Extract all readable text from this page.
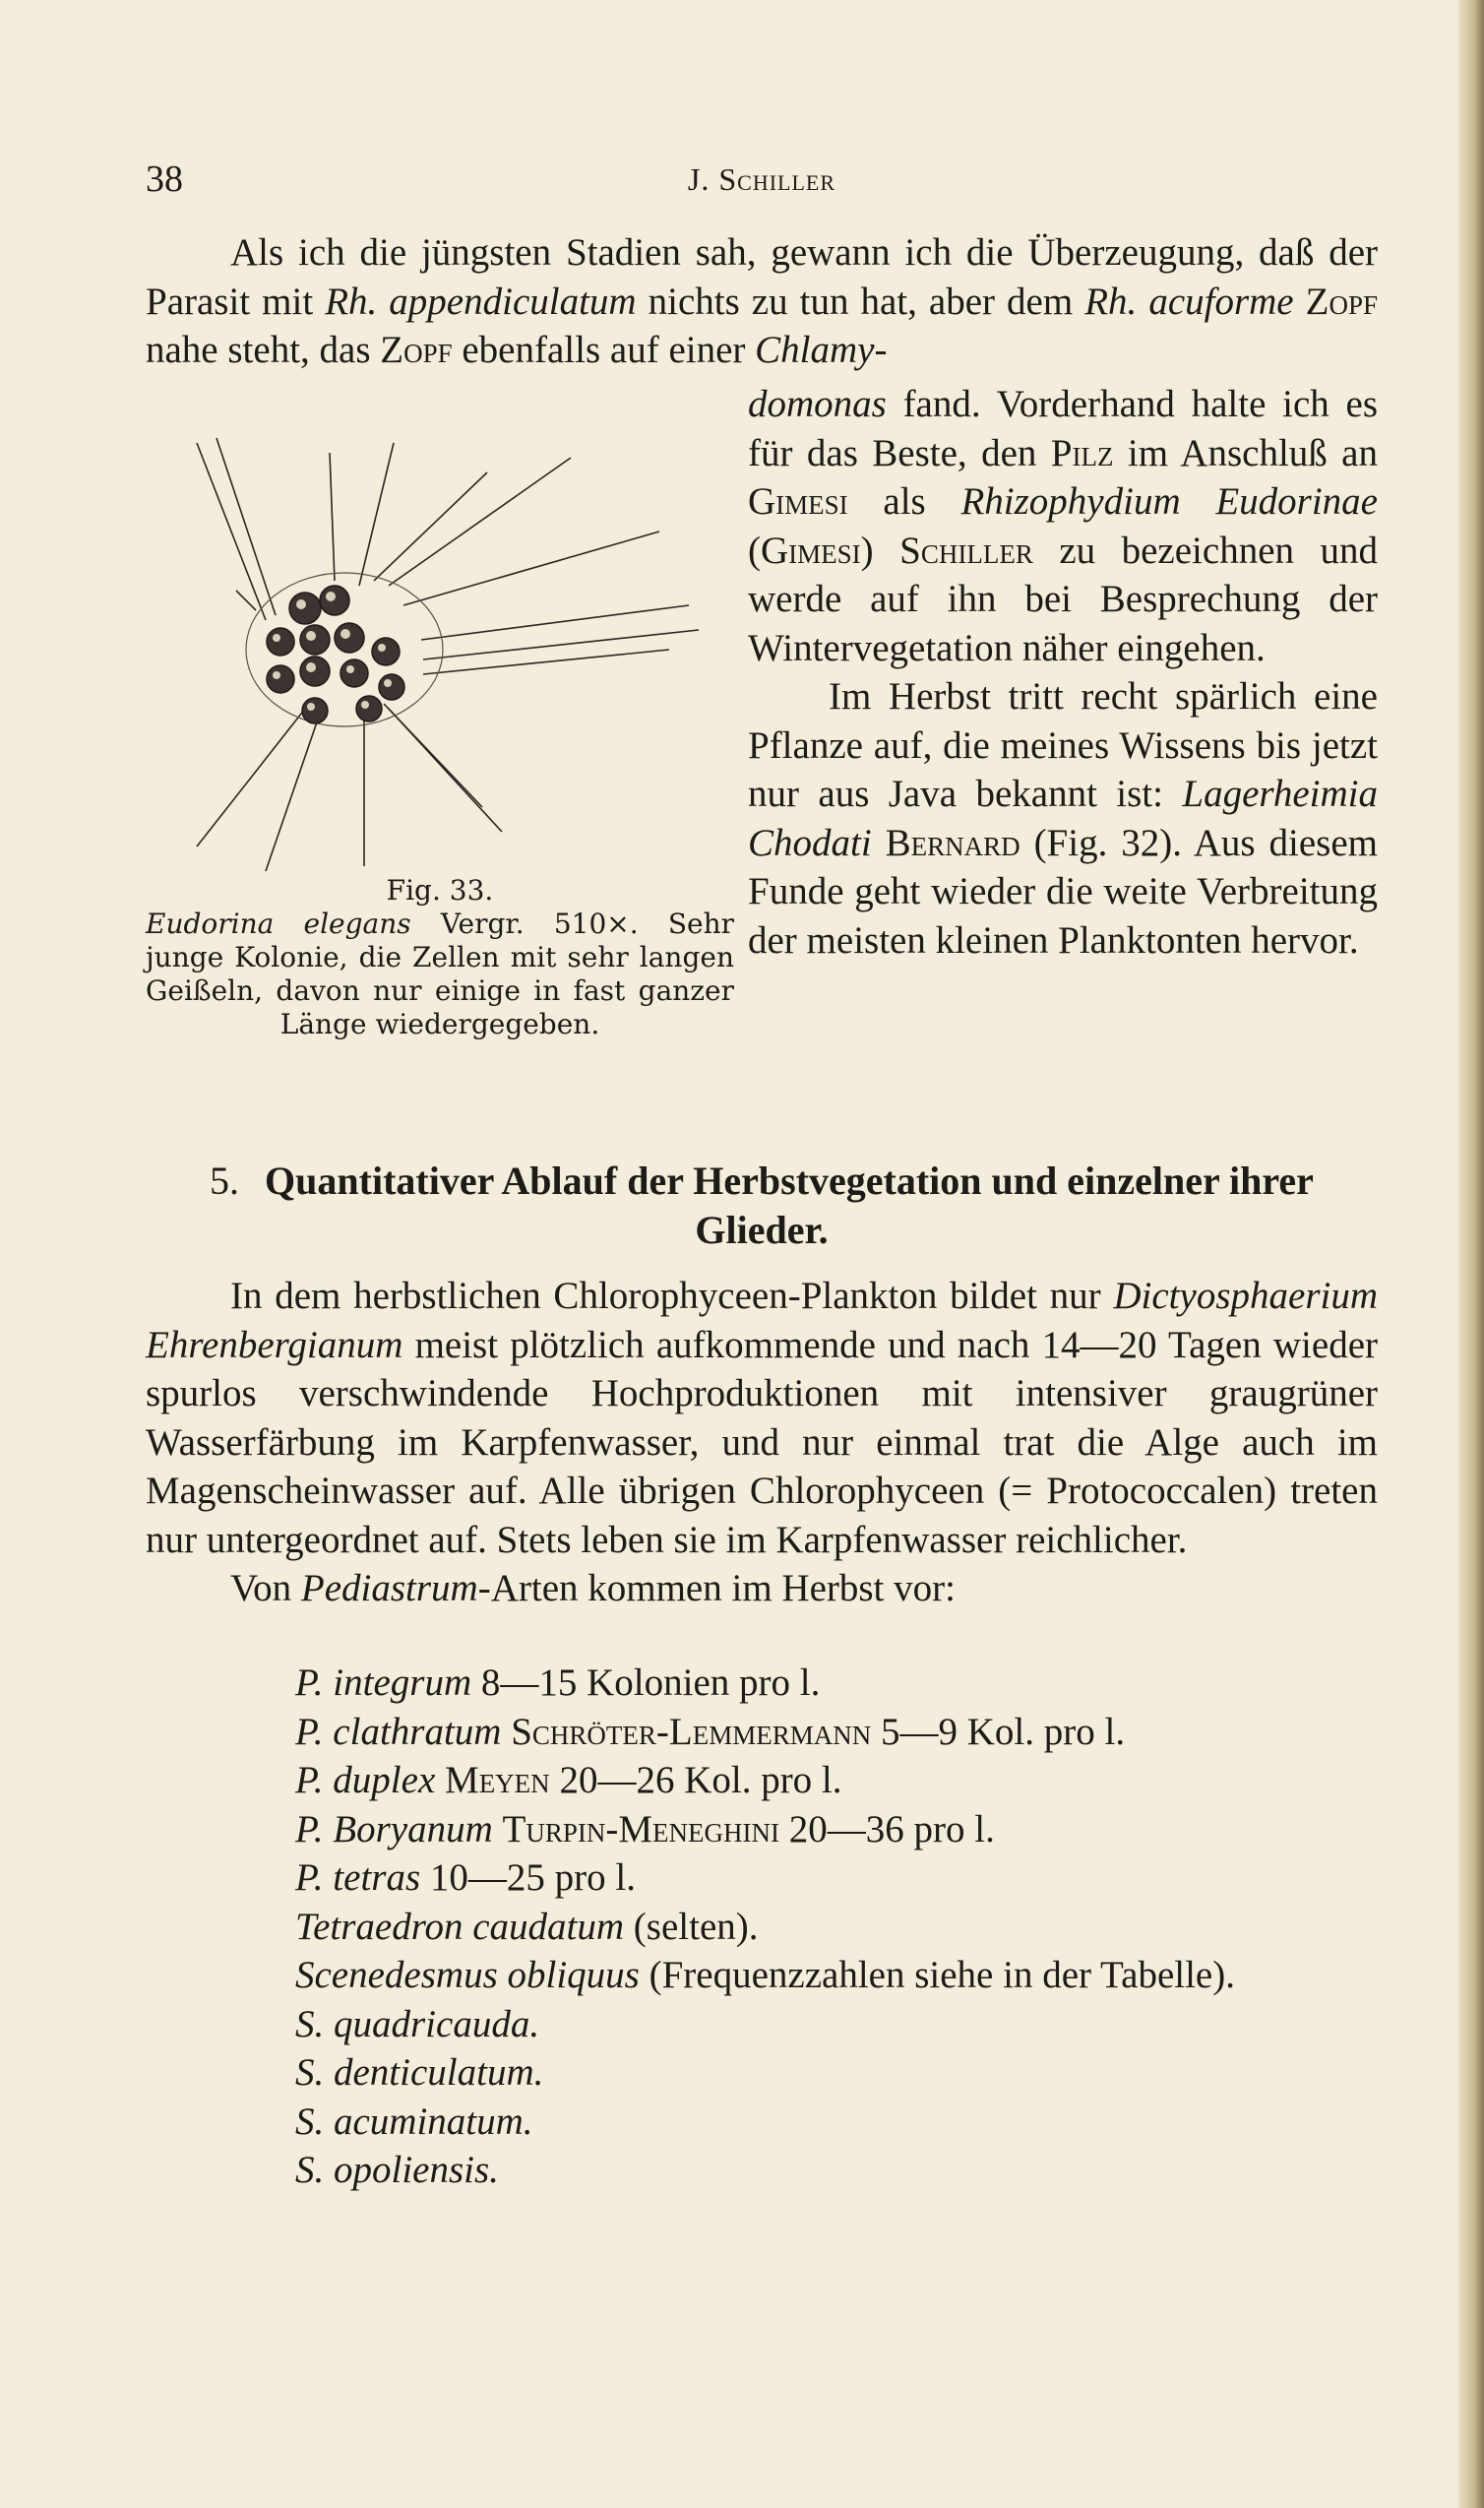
38	J. Schiller

Als ich die jüngsten Stadien sah, gewann ich die Überzeugung, daß der Parasit mit Rh. appendiculatum nichts zu tun hat, aber dem Rh. acuforme Zopf nahe steht, das Zopf ebenfalls auf einer Chlamy-

domonas fand. Vorderhand halte ich es für das Beste, den Pilz im Anschluß an Gimesi als Rhizophydium Eudorinae (Gimesi) Schiller zu bezeichnen und werde auf ihn bei Besprechung der Wintervegetation näher eingehen.

Im Herbst tritt recht spärlich eine Pflanze auf, die meines Wissens bis jetzt nur aus Java bekannt ist: Lagerheimia Chodati Bernard (Fig. 32). Aus diesem Funde geht wieder die weite Verbreitung der meisten kleinen Planktonten hervor.

Fig. 33.
Eudorina elegans Vergr. 510×. Sehr junge Kolonie, die Zellen mit sehr langen Geißeln, davon nur einige in fast ganzer Länge wiedergegeben.
5. Quantitativer Ablauf der Herbstvegetation und einzelner ihrer Glieder.

In dem herbstlichen Chlorophyceen-Plankton bildet nur Dictyosphaerium Ehrenbergianum meist plötzlich aufkommende und nach 14—20 Tagen wieder spurlos verschwindende Hochproduktionen mit intensiver graugrüner Wasserfärbung im Karpfenwasser, und nur einmal trat die Alge auch im Magenscheinwasser auf. Alle übrigen Chlorophyceen (= Protococcalen) treten nur untergeordnet auf. Stets leben sie im Karpfenwasser reichlicher.

Von Pediastrum-Arten kommen im Herbst vor:

P. integrum 8—15 Kolonien pro l.
P. clathratum Schröter-Lemmermann 5—9 Kol. pro l.
P. duplex Meyen 20—26 Kol. pro l.
P. Boryanum Turpin-Meneghini 20—36 pro l.
P. tetras 10—25 pro l.
Tetraedron caudatum (selten).
Scenedesmus obliquus (Frequenzzahlen siehe in der Tabelle).
S. quadricauda.
S. denticulatum.
S. acuminatum.
S. opoliensis.
